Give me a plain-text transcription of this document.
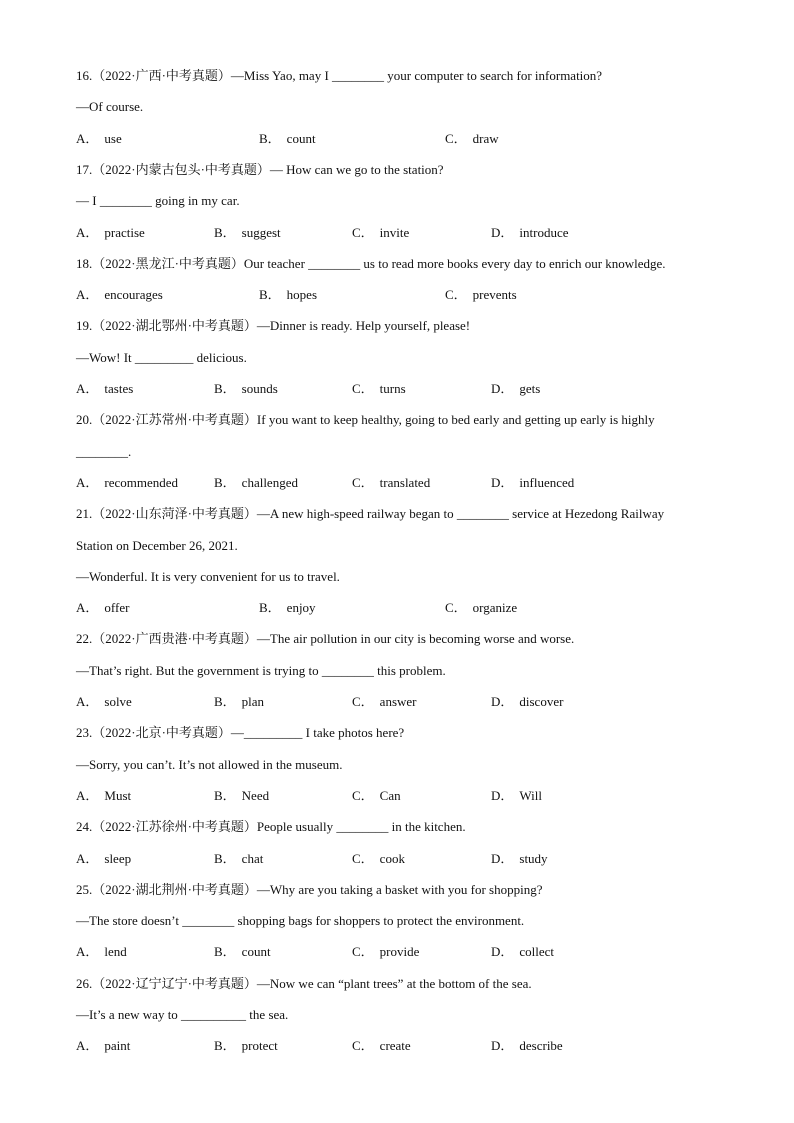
16.（2022·广西·中考真题）—Miss Yao, may I ________ your computer to search for information?
—Of course.
A． use	B． count	C． draw
17.（2022·内蒙古包头·中考真题）— How can we go to the station?
— I ________ going in my car.
A． practise	B． suggest	C． invite	D． introduce
18.（2022·黑龙江·中考真题）Our teacher ________ us to read more books every day to enrich our knowledge.
A． encourages	B． hopes	C． prevents
19.（2022·湖北鄂州·中考真题）—Dinner is ready. Help yourself, please!
—Wow! It _________ delicious.
A． tastes	B． sounds	C． turns	D． gets
20.（2022·江苏常州·中考真题）If you want to keep healthy, going to bed early and getting up early is highly
________.
A． recommended	B． challenged	C． translated	D． influenced
21.（2022·山东菏泽·中考真题）—A new high-speed railway began to ________ service at Hezedong Railway
Station on December 26, 2021.
—Wonderful. It is very convenient for us to travel.
A． offer	B． enjoy	C． organize
22.（2022·广西贵港·中考真题）—The air pollution in our city is becoming worse and worse.
—That’s right. But the government is trying to ________ this problem.
A． solve	B． plan	C． answer	D． discover
23.（2022·北京·中考真题）—_________ I take photos here?
—Sorry, you can’t. It’s not allowed in the museum.
A． Must	B． Need	C． Can	D． Will
24.（2022·江苏徐州·中考真题）People usually ________ in the kitchen.
A． sleep	B． chat	C． cook	D． study
25.（2022·湖北荆州·中考真题）—Why are you taking a basket with you for shopping?
—The store doesn’t ________ shopping bags for shoppers to protect the environment.
A． lend	B． count	C． provide	D． collect
26.（2022·辽宁辽宁·中考真题）—Now we can “plant trees” at the bottom of the sea.
—It’s a new way to __________ the sea.
A． paint	B． protect	C． create	D． describe
